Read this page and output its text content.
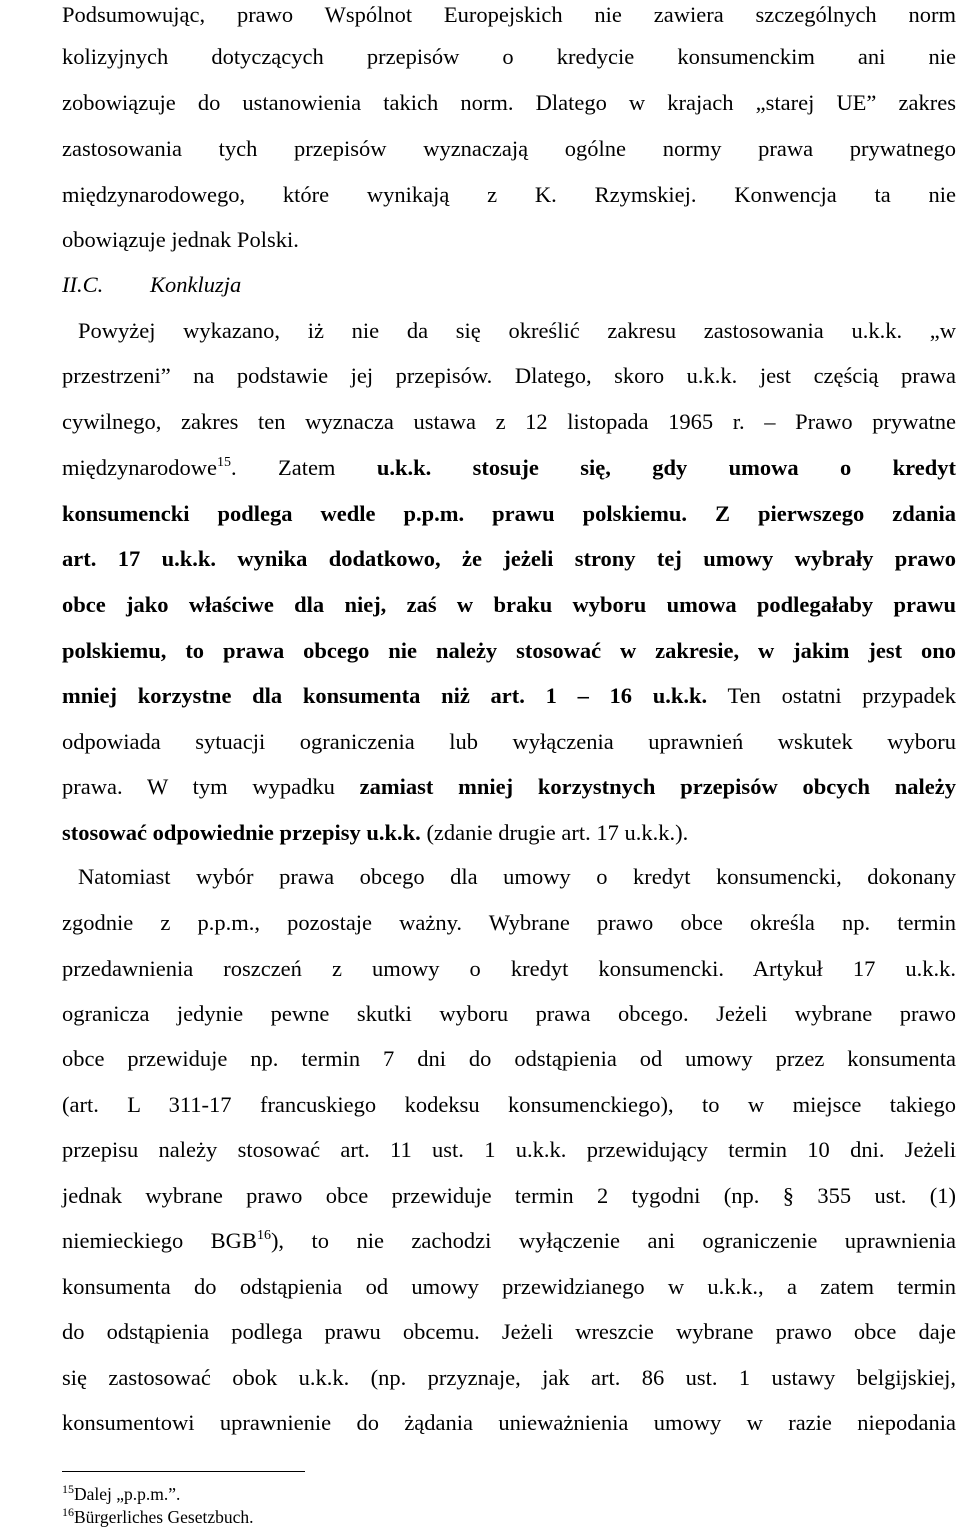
Podsumowując, prawo Wspólnot Europejskich nie zawiera szczególnych norm
kolizyjnych dotyczących przepisów o kredycie konsumenckim ani nie
zobowiązuje do ustanowienia takich norm. Dlatego w krajach „starej UE” zakres
zastosowania tych przepisów wyznaczają ogólne normy prawa prywatnego
międzynarodowego, które wynikają z K. Rzymskiej. Konwencja ta nie
obowiązuje jednak Polski.
II.C. Konkluzja
Powyżej wykazano, iż nie da się określić zakresu zastosowania u.k.k. „w
przestrzeni” na podstawie jej przepisów. Dlatego, skoro u.k.k. jest częścią prawa
cywilnego, zakres ten wyznacza ustawa z 12 listopada 1965 r. – Prawo prywatne
międzynarodowe$^{15}$. Zatem u.k.k. stosuje się, gdy umowa o kredyt
konsumencki podlega wedle p.p.m. prawu polskiemu. Z pierwszego zdania
art. 17 u.k.k. wynika dodatkowo, że jeżeli strony tej umowy wybrały prawo
obce jako właściwe dla niej, zaś w braku wyboru umowa podlegałaby prawu
polskiemu, to prawa obcego nie należy stosować w zakresie, w jakim jest ono
mniej korzystne dla konsumenta niż art. 1 – 16 u.k.k. Ten ostatni przypadek
odpowiada sytuacji ograniczenia lub wyłączenia uprawnień wskutek wyboru
prawa. W tym wypadku zamiast mniej korzystnych przepisów obcych należy
stosować odpowiednie przepisy u.k.k. (zdanie drugie art. 17 u.k.k.).
Natomiast wybór prawa obcego dla umowy o kredyt konsumencki, dokonany
zgodnie z p.p.m., pozostaje ważny. Wybrane prawo obce określa np. termin
przedawnienia roszczeń z umowy o kredyt konsumencki. Artykuł 17 u.k.k.
ogranicza jedynie pewne skutki wyboru prawa obcego. Jeżeli wybrane prawo
obce przewiduje np. termin 7 dni do odstąpienia od umowy przez konsumenta
(art. L 311-17 francuskiego kodeksu konsumenckiego), to w miejsce takiego
przepisu należy stosować art. 11 ust. 1 u.k.k. przewidujący termin 10 dni. Jeżeli
jednak wybrane prawo obce przewiduje termin 2 tygodni (np. § 355 ust. (1)
niemieckiego BGB$^{16}$), to nie zachodzi wyłączenie ani ograniczenie uprawnienia
konsumenta do odstąpienia od umowy przewidzianego w u.k.k., a zatem termin
do odstąpienia podlega prawu obcemu. Jeżeli wreszcie wybrane prawo obce daje
się zastosować obok u.k.k. (np. przyznaje, jak art. 86 ust. 1 ustawy belgijskiej,
konsumentowi uprawnienie do żądania unieważnienia umowy w razie niepodania
$^{15}$Dalej „p.p.m.”.
$^{16}$Bürgerliches Gesetzbuch.
